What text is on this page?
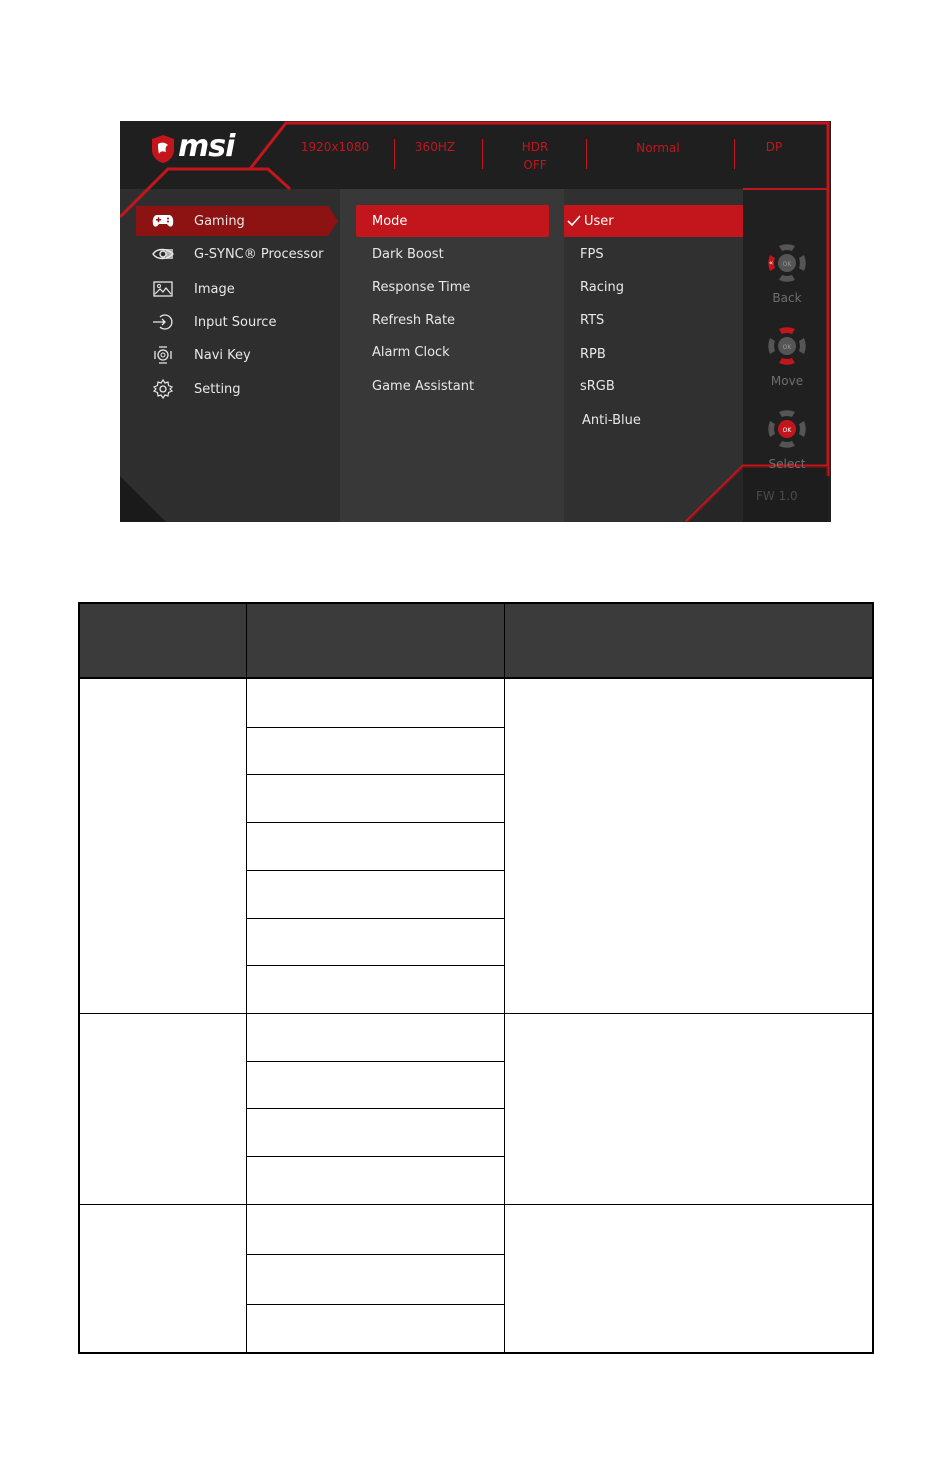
msi	1920x1080	360HZ	HDR
OFF
Normal	DP
Gaming
G-SYNC® Processor
Image
Input Source
Navi Key
Setting
Mode
Dark Boost
Response Time
Refresh Rate
Alarm Clock
Game Assistant
User
FPS
Racing
RTS
RPB
sRGB
Anti-Blue
OK
«
Back
OK
Move
OK
Select
FW 1.0
